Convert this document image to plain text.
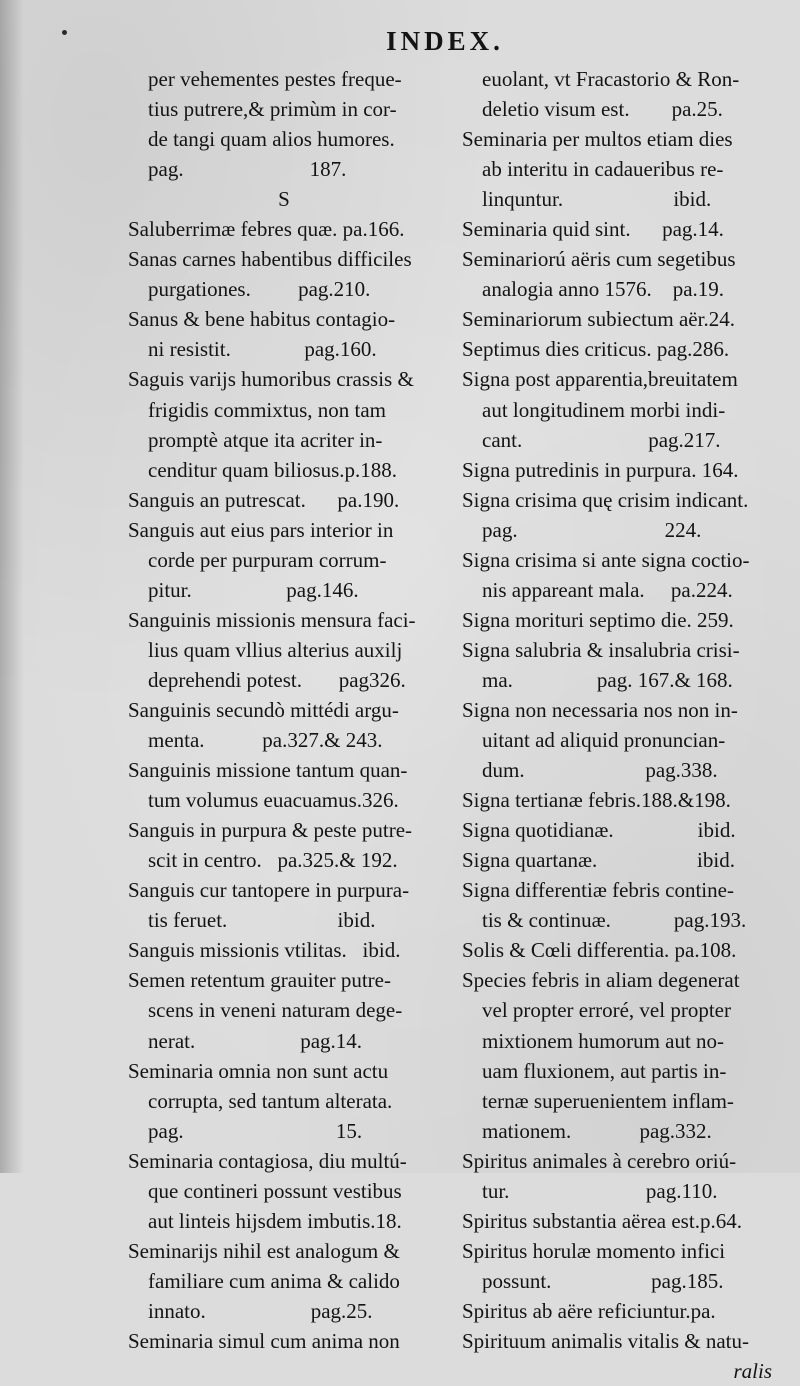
INDEX.
per vehementes pestes freque-
tius putrere,& primùm in cor-
de tangi quam alios humores.
pag.                        187.
S
Saluberrimæ febres quæ. pa.166.
Sanas carnes habentibus difficiles
purgationes.         pag.210.
Sanus & bene habitus contagio-
ni resistit.              pag.160.
Saguis varijs humoribus crassis &
frigidis commixtus, non tam
promptè atque ita acriter in-
cenditur quam biliosus.p.188.
Sanguis an putrescat.      pa.190.
Sanguis aut eius pars interior in
corde per purpuram corrum-
pitur.                  pag.146.
Sanguinis missionis mensura faci-
lius quam vllius alterius auxilj
deprehendi potest.       pag326.
Sanguinis secundò mittédi argu-
menta.           pa.327.& 243.
Sanguinis missione tantum quan-
tum volumus euacuamus.326.
Sanguis in purpura & peste putre-
scit in centro.   pa.325.& 192.
Sanguis cur tantopere in purpura-
tis feruet.                     ibid.
Sanguis missionis vtilitas.   ibid.
Semen retentum grauiter putre-
scens in veneni naturam dege-
nerat.                    pag.14.
Seminaria omnia non sunt actu
corrupta, sed tantum alterata.
pag.                             15.
Seminaria contagiosa, diu multú-
que contineri possunt vestibus
aut linteis hijsdem imbutis.18.
Seminarijs nihil est analogum &
familiare cum anima & calido
innato.                    pag.25.
Seminaria simul cum anima non
euolant, vt Fracastorio & Ron-
deletio visum est.        pa.25.
Seminaria per multos etiam dies
ab interitu in cadaueribus re-
linquntur.                     ibid.
Seminaria quid sint.      pag.14.
Seminariorú aëris cum segetibus
analogia anno 1576.    pa.19.
Seminariorum subiectum aër.24.
Septimus dies criticus. pag.286.
Signa post apparentia,breuitatem
aut longitudinem morbi indi-
cant.                        pag.217.
Signa putredinis in purpura. 164.
Signa crisima quę crisim indicant.
pag.                            224.
Signa crisima si ante signa coctio-
nis appareant mala.     pa.224.
Signa morituri septimo die. 259.
Signa salubria & insalubria crisi-
ma.                pag. 167.& 168.
Signa non necessaria nos non in-
uitant ad aliquid pronuncian-
dum.                       pag.338.
Signa tertianæ febris.188.&198.
Signa quotidianæ.                ibid.
Signa quartanæ.                   ibid.
Signa differentiæ febris contine-
tis & continuæ.            pag.193.
Solis & Cœli differentia. pa.108.
Species febris in aliam degenerat
vel propter erroré, vel propter
mixtionem humorum aut no-
uam fluxionem, aut partis in-
ternæ superuenientem inflam-
mationem.             pag.332.
Spiritus animales à cerebro oriú-
tur.                          pag.110.
Spiritus substantia aërea est.p.64.
Spiritus horulæ momento infici
possunt.                   pag.185.
Spiritus ab aëre reficiuntur.pa.
Spirituum animalis vitalis & natu-
ralis
